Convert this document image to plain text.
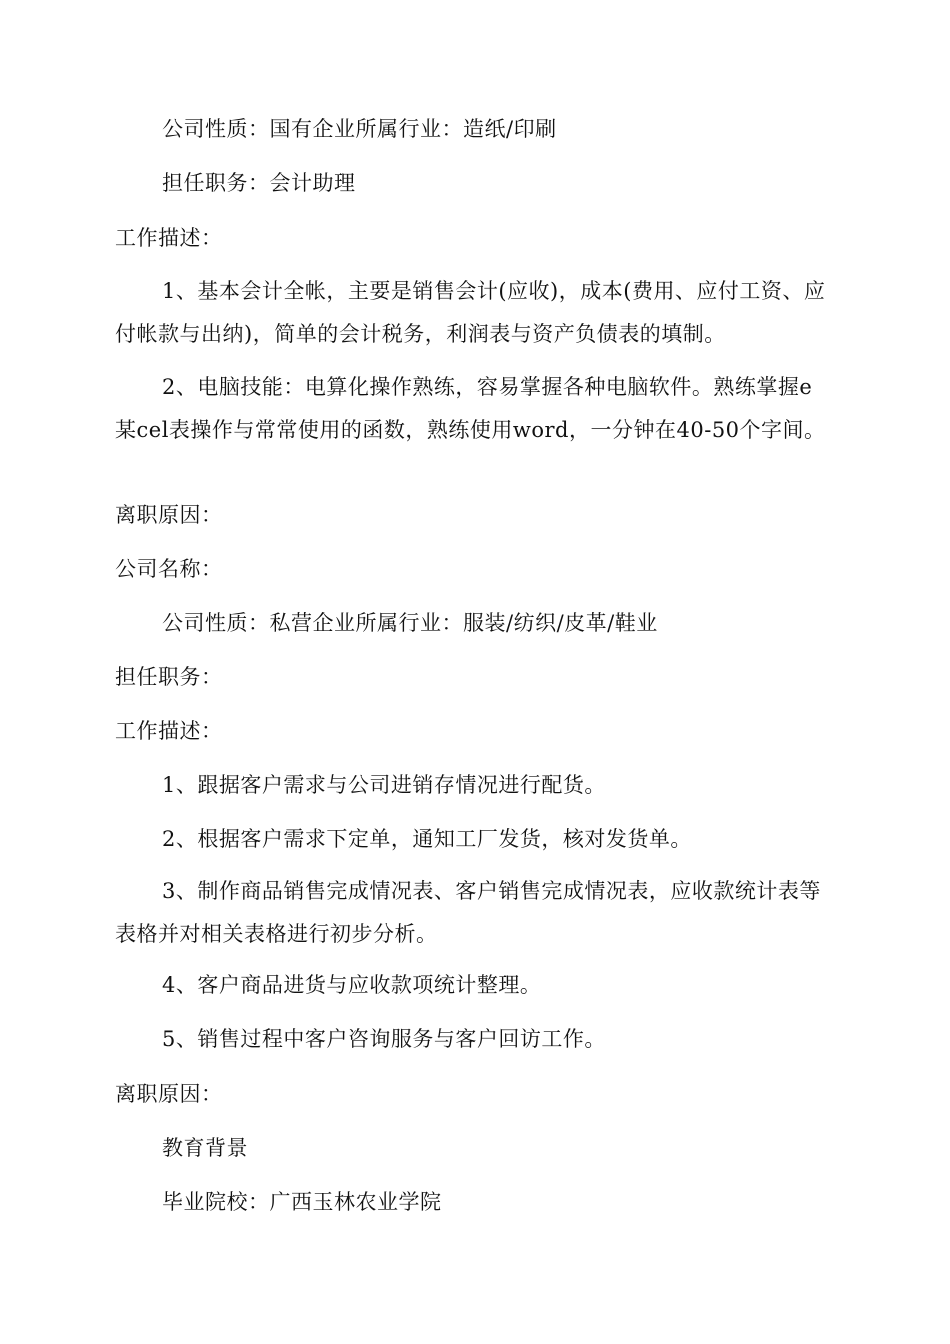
公司性质：国有企业所属行业：造纸/印刷
担任职务：会计助理
工作描述：
1、基本会计全帐，主要是销售会计(应收)，成本(费用、应付工资、应付帐款与出纳)，简单的会计税务，利润表与资产负债表的填制。
2、电脑技能：电算化操作熟练，容易掌握各种电脑软件。熟练掌握e某cel表操作与常常使用的函数，熟练使用word，一分钟在40-50个字间。
离职原因：
公司名称：
公司性质：私营企业所属行业：服装/纺织/皮革/鞋业
担任职务：
工作描述：
1、跟据客户需求与公司进销存情况进行配货。
2、根据客户需求下定单，通知工厂发货，核对发货单。
3、制作商品销售完成情况表、客户销售完成情况表，应收款统计表等表格并对相关表格进行初步分析。
4、客户商品进货与应收款项统计整理。
5、销售过程中客户咨询服务与客户回访工作。
离职原因：
教育背景
毕业院校：广西玉林农业学院
